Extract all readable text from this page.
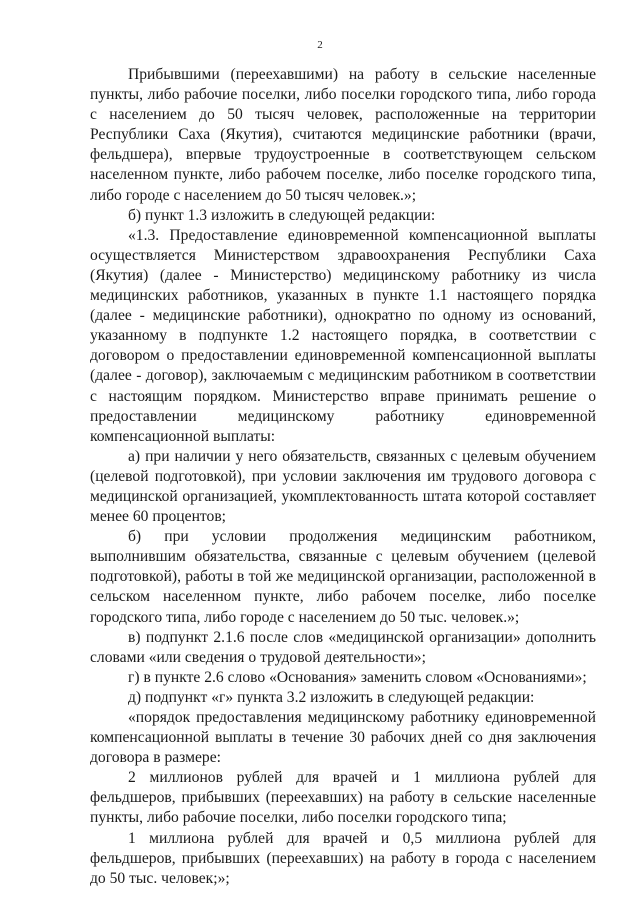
2

Прибывшими (переехавшими) на работу в сельские населенные пункты, либо рабочие поселки, либо поселки городского типа, либо города с населением до 50 тысяч человек, расположенные на территории Республики Саха (Якутия), считаются медицинские работники (врачи, фельдшера), впервые трудоустроенные в соответствующем сельском населенном пункте, либо рабочем поселке, либо поселке городского типа, либо городе с населением до 50 тысяч человек.»;

б) пункт 1.3 изложить в следующей редакции:

«1.3. Предоставление единовременной компенсационной выплаты осуществляется Министерством здравоохранения Республики Саха (Якутия) (далее - Министерство) медицинскому работнику из числа медицинских работников, указанных в пункте 1.1 настоящего порядка (далее - медицинские работники), однократно по одному из оснований, указанному в подпункте 1.2 настоящего порядка, в соответствии с договором о предоставлении единовременной компенсационной выплаты (далее - договор), заключаемым с медицинским работником в соответствии с настоящим порядком. Министерство вправе принимать решение о предоставлении медицинскому работнику единовременной компенсационной выплаты:

а) при наличии у него обязательств, связанных с целевым обучением (целевой подготовкой), при условии заключения им трудового договора с медицинской организацией, укомплектованность штата которой составляет менее 60 процентов;

б) при условии продолжения медицинским работником, выполнившим обязательства, связанные с целевым обучением (целевой подготовкой), работы в той же медицинской организации, расположенной в сельском населенном пункте, либо рабочем поселке, либо поселке городского типа, либо городе с населением до 50 тыс. человек.»;

в) подпункт 2.1.6 после слов «медицинской организации» дополнить словами «или сведения о трудовой деятельности»;

г) в пункте 2.6 слово «Основания» заменить словом «Основаниями»;

д) подпункт «г» пункта 3.2 изложить в следующей редакции:

«порядок предоставления медицинскому работнику единовременной компенсационной выплаты в течение 30 рабочих дней со дня заключения договора в размере:

2 миллионов рублей для врачей и 1 миллиона рублей для фельдшеров, прибывших (переехавших) на работу в сельские населенные пункты, либо рабочие поселки, либо поселки городского типа;

1 миллиона рублей для врачей и 0,5 миллиона рублей для фельдшеров, прибывших (переехавших) на работу в города с населением до 50 тыс. человек;»;
